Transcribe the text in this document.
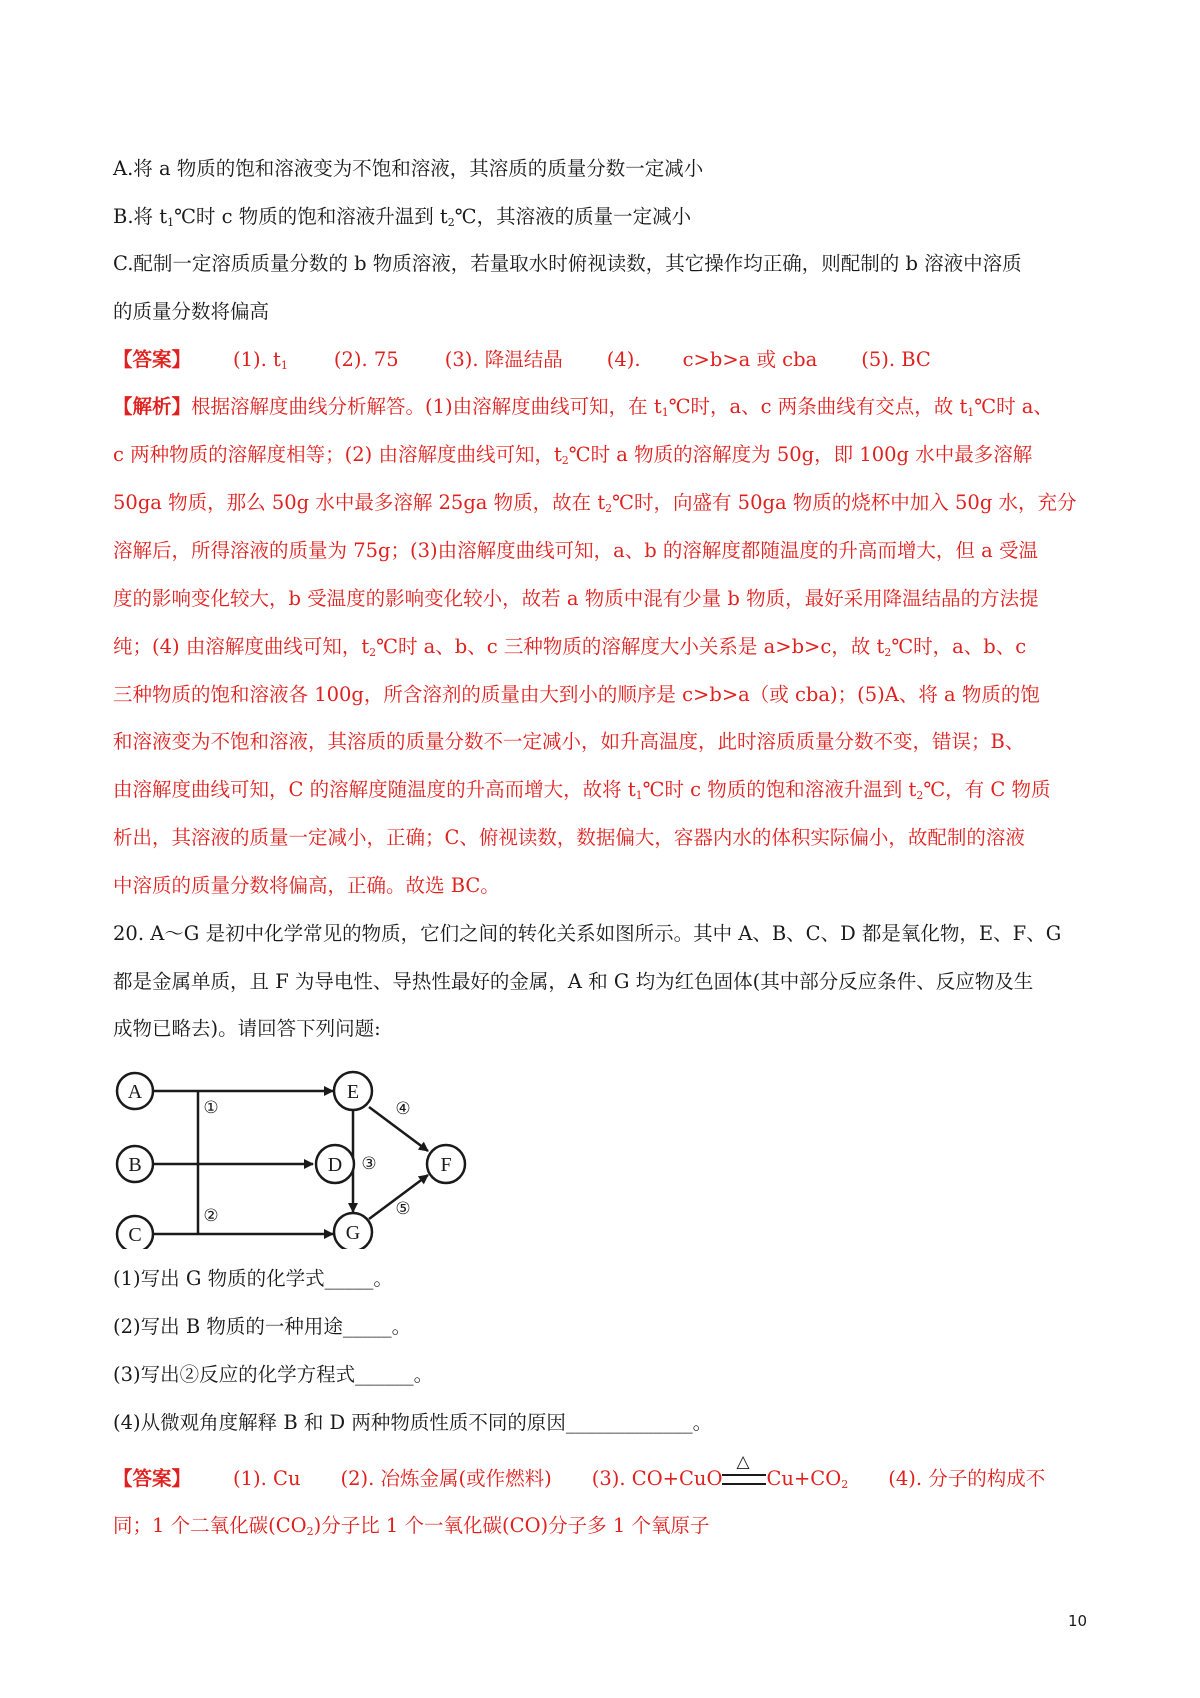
A.将 a 物质的饱和溶液变为不饱和溶液，其溶质的质量分数一定减小
B.将 $t_1℃$时 c 物质的饱和溶液升温到 $t_2℃$，其溶液的质量一定减小
C.配制一定溶质质量分数的 b 物质溶液，若量取水时俯视读数，其它操作均正确，则配制的 b 溶液中溶质
的质量分数将偏高
【答案】 (1). $t_1$ (2). 75 (3). 降温结晶 (4). c>b>a 或 cba (5). BC
【解析】根据溶解度曲线分析解答。(1)由溶解度曲线可知，在 $t_1℃$时，a、c 两条曲线有交点，故 $t_1℃$时 a、
c 两种物质的溶解度相等；(2) 由溶解度曲线可知，$t_2℃$时 a 物质的溶解度为 50g，即 100g 水中最多溶解
50ga 物质，那么 50g 水中最多溶解 25ga 物质，故在 $t_2℃$时，向盛有 50ga 物质的烧杯中加入 50g 水，充分
溶解后，所得溶液的质量为 75g；(3)由溶解度曲线可知，a、b 的溶解度都随温度的升高而增大，但 a 受温
度的影响变化较大，b 受温度的影响变化较小，故若 a 物质中混有少量 b 物质，最好采用降温结晶的方法提
纯；(4) 由溶解度曲线可知，$t_2℃$时 a、b、c 三种物质的溶解度大小关系是 a>b>c，故 $t_2℃$时，a、b、c
三种物质的饱和溶液各 100g，所含溶剂的质量由大到小的顺序是 c>b>a（或 cba)；(5)A、将 a 物质的饱
和溶液变为不饱和溶液，其溶质的质量分数不一定减小，如升高温度，此时溶质质量分数不变，错误；B、
由溶解度曲线可知，C 的溶解度随温度的升高而增大，故将 $t_1℃$时 c 物质的饱和溶液升温到 $t_2℃$，有 C 物质
析出，其溶液的质量一定减小，正确；C、俯视读数，数据偏大，容器内水的体积实际偏小，故配制的溶液
中溶质的质量分数将偏高，正确。故选 BC。
20. A～G 是初中化学常见的物质，它们之间的转化关系如图所示。其中 A、B、C、D 都是氧化物，E、F、G
都是金属单质，且 F 为导电性、导热性最好的金属，A 和 G 均为红色固体(其中部分反应条件、反应物及生
成物已略去)。请回答下列问题:
A
B
C
D
E
F
G
①
②
③
④
⑤
(1)写出 G 物质的化学式_____。
(2)写出 B 物质的一种用途_____。
(3)写出②反应的化学方程式______。
(4)从微观角度解释 B 和 D 两种物质性质不同的原因_____________。
【答案】 (1). Cu (2). 冶炼金属(或作燃料) (3). CO+CuO
△
$Cu+CO_2$ (4). 分子的构成不
同；1 个二氧化碳$(CO_2)$分子比 1 个一氧化碳(CO)分子多 1 个氧原子
10
